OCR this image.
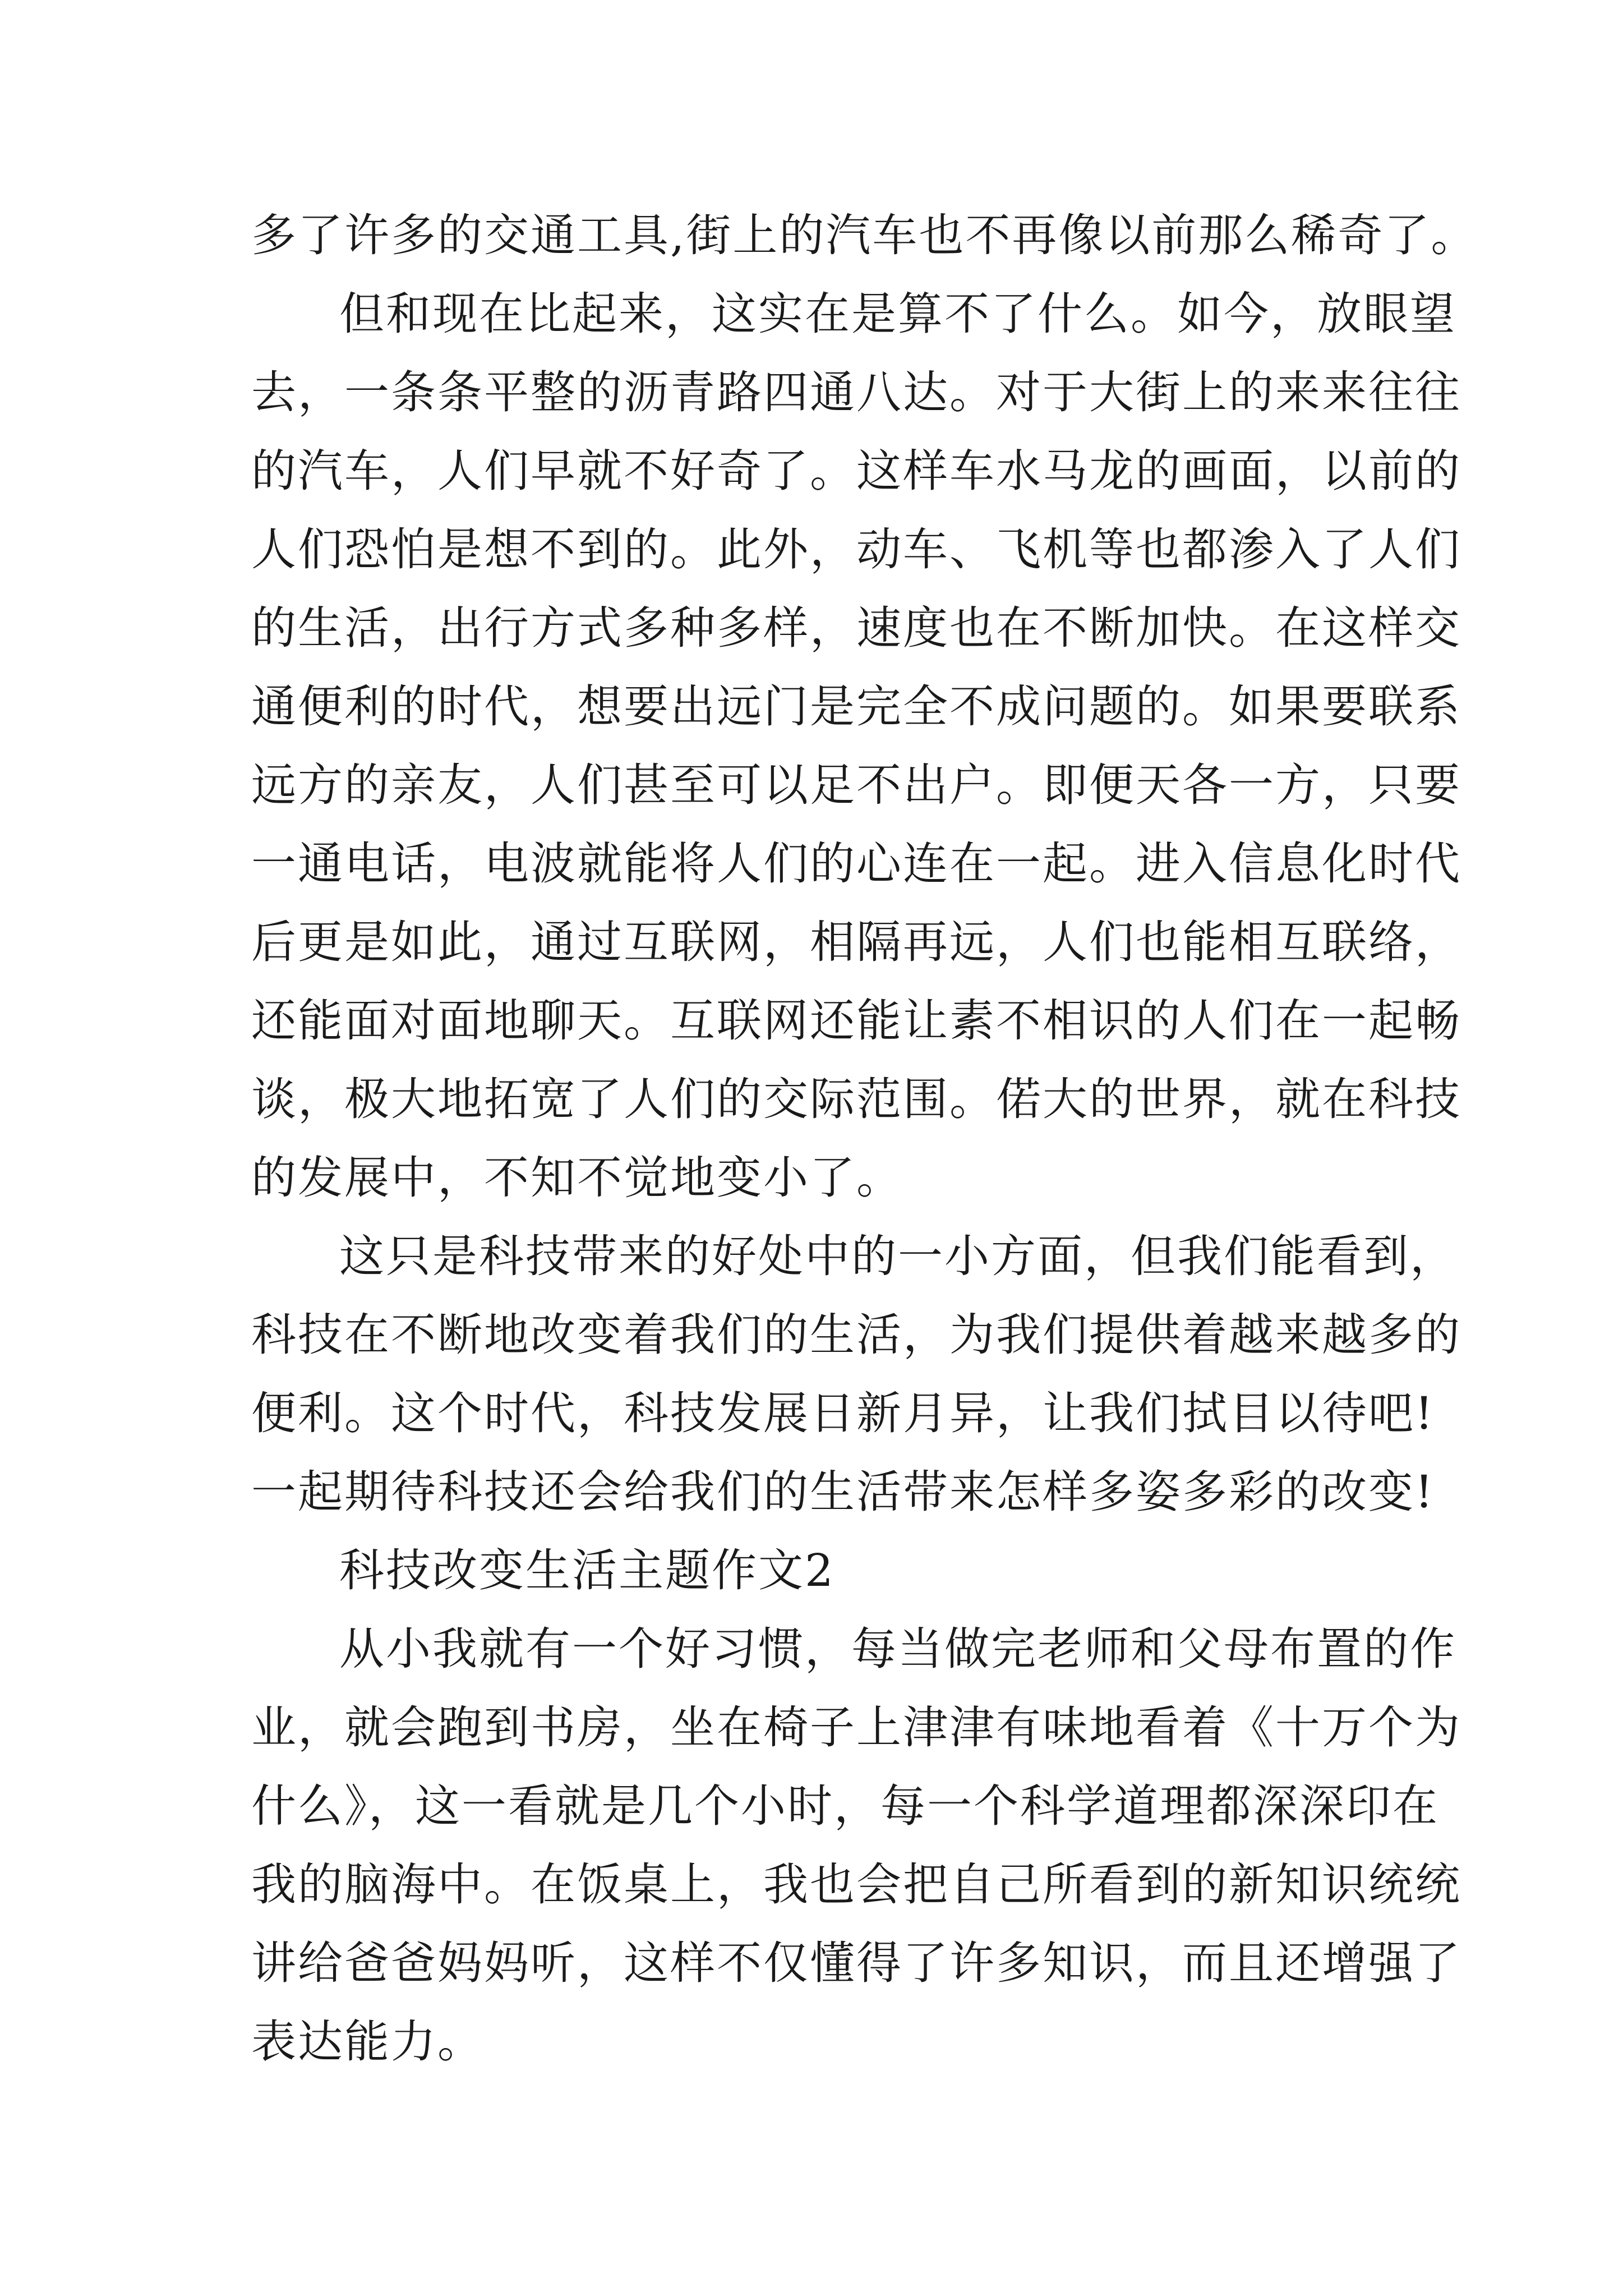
多了许多的交通工具,街上的汽车也不再像以前那么稀奇了。

但和现在比起来，这实在是算不了什么。如今，放眼望

去，一条条平整的沥青路四通八达。对于大街上的来来往往

的汽车，人们早就不好奇了。这样车水马龙的画面，以前的

人们恐怕是想不到的。此外，动车、飞机等也都渗入了人们

的生活，出行方式多种多样，速度也在不断加快。在这样交

通便利的时代，想要出远门是完全不成问题的。如果要联系

远方的亲友，人们甚至可以足不出户。即便天各一方，只要

一通电话，电波就能将人们的心连在一起。进入信息化时代

后更是如此，通过互联网，相隔再远，人们也能相互联络，

还能面对面地聊天。互联网还能让素不相识的人们在一起畅

谈，极大地拓宽了人们的交际范围。偌大的世界，就在科技

的发展中，不知不觉地变小了。

这只是科技带来的好处中的一小方面，但我们能看到，

科技在不断地改变着我们的生活，为我们提供着越来越多的

便利。这个时代，科技发展日新月异，让我们拭目以待吧!

一起期待科技还会给我们的生活带来怎样多姿多彩的改变!

科技改变生活主题作文2

从小我就有一个好习惯，每当做完老师和父母布置的作

业，就会跑到书房，坐在椅子上津津有味地看着《十万个为

什么》，这一看就是几个小时，每一个科学道理都深深印在

我的脑海中。在饭桌上，我也会把自己所看到的新知识统统

讲给爸爸妈妈听，这样不仅懂得了许多知识，而且还增强了

表达能力。
